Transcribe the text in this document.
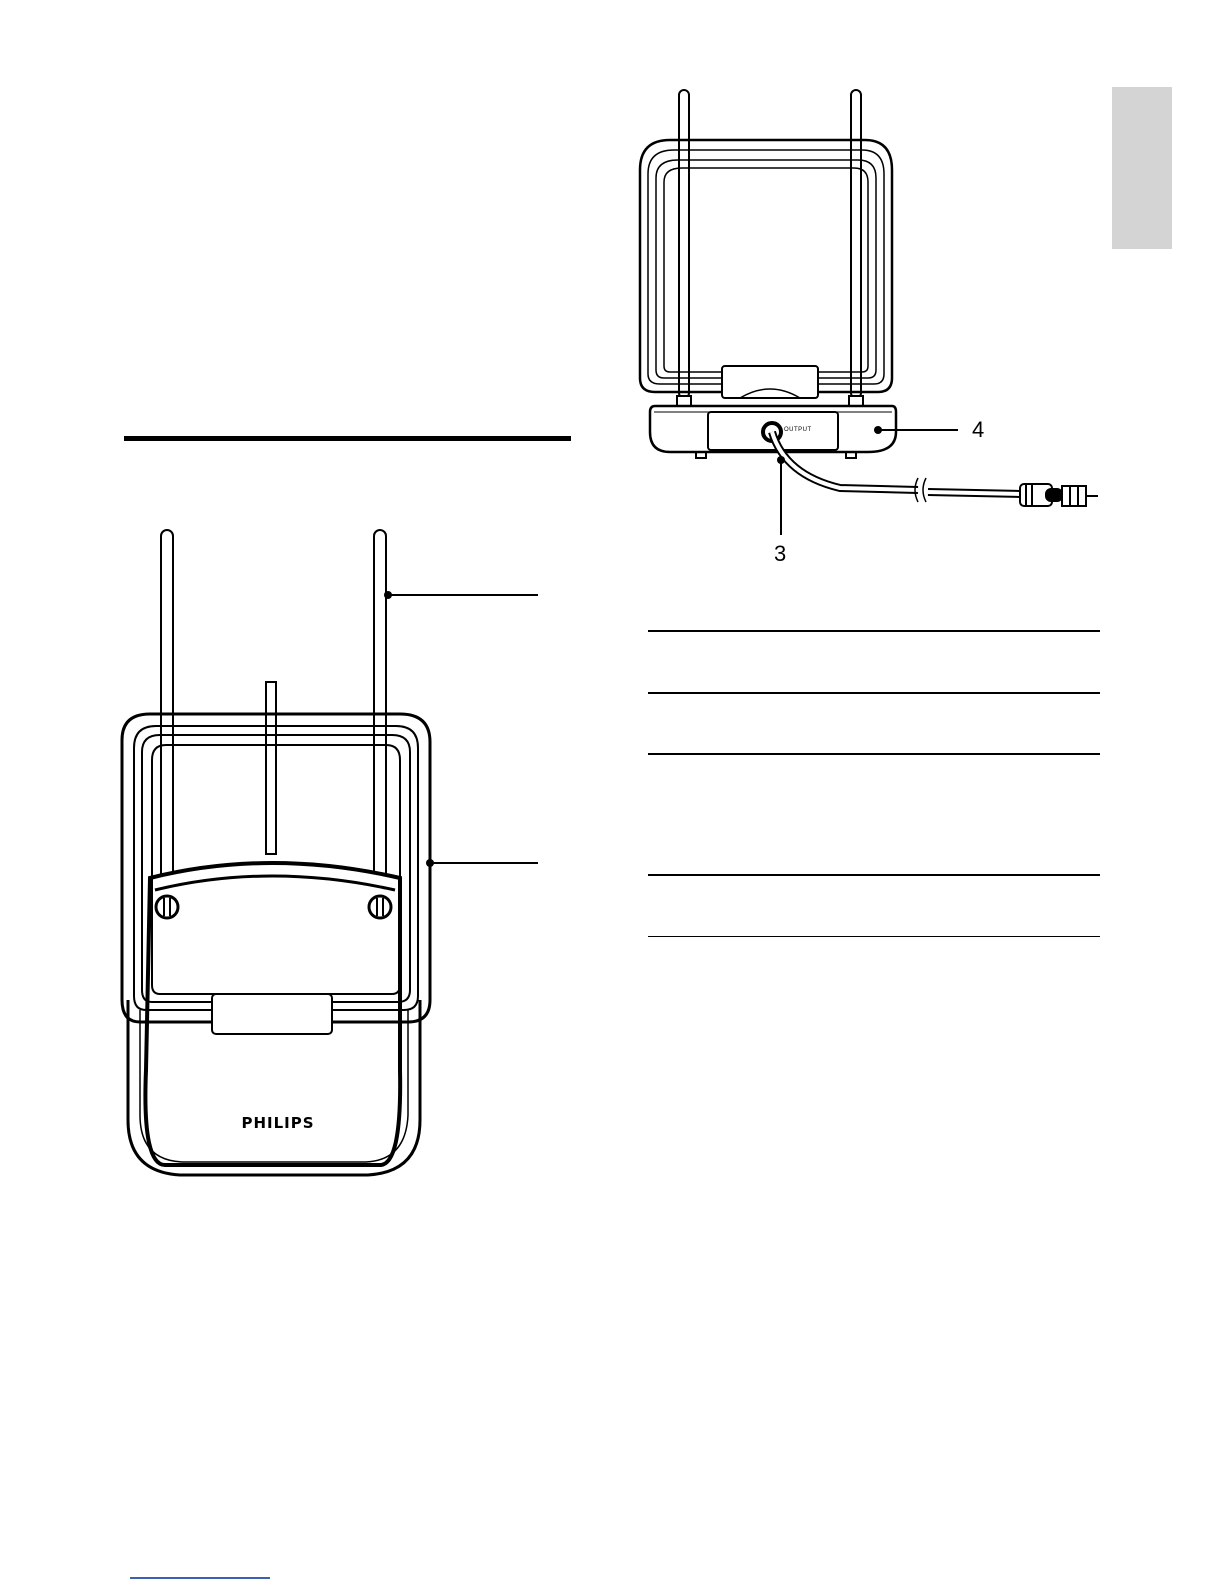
PHILIPS
OUTPUT	4
3
